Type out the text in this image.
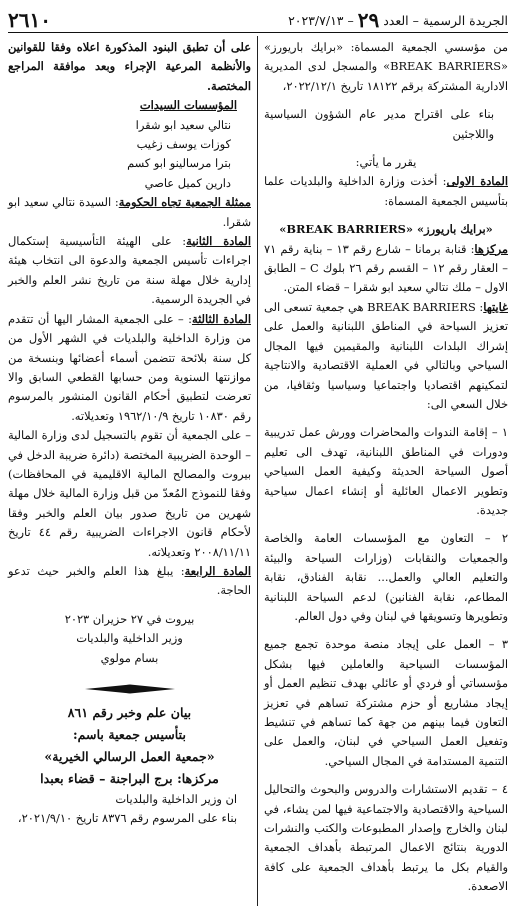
الجريدة الرسمية – العدد ٢٩ – ٢٠٢٣/٧/١٣
٢٦١٠

من مؤسسي الجمعية المسماة: «برايك باريورز» «BREAK BARRIERS» والمسجل لدى المديرية الادارية المشتركة برقم ١٨١٢٢ تاريخ ٢٠٢٢/١٢/١،

بناء على اقتراح مدير عام الشؤون السياسية واللاجئين

يقرر ما يأتي:

المادة الاولى: أخذت وزارة الداخلية والبلديات علما بتأسيس الجمعية المسماة:

«برايك باريورز» «BREAK BARRIERS»

مركزها: قنابة برمانا – شارع رقم ١٣ – بناية رقم ٧١ – العقار رقم ١٢ – القسم رقم ٢٦ بلوك C – الطابق الاول – ملك نتالي سعيد ابو شقرا – قضاء المتن.

غايتها: BREAK BARRIERS هي جمعية تسعى الى تعزيز السياحة في المناطق اللبنانية والعمل على إشراك البلدات اللبنانية والمقيمين فيها المجال السياحي وبالتالي في العملية الاقتصادية والانتاجية لتمكينهم اقتصاديا واجتماعيا وسياسيا وثقافيا، من خلال السعي الى:

١ – إقامة الندوات والمحاضرات وورش عمل تدريبية ودورات في المناطق اللبنانية، تهدف الى تعليم أصول السياحة الحديثة وكيفية العمل السياحي وتطوير الاعمال العائلية أو إنشاء اعمال سياحية جديدة.

٢ – التعاون مع المؤسسات العامة والخاصة والجمعيات والنقابات (وزارات السياحة والبيئة والتعليم العالي والعمل... نقابة الفنادق، نقابة المطاعم، نقابة الفنانين) لدعم السياحة اللبنانية وتطويرها وتسويقها في لبنان وفي دول العالم.

٣ – العمل على إيجاد منصة موحدة تجمع جميع المؤسسات السياحية والعاملين فيها بشكل مؤسساتي أو فردي أو عائلي بهدف تنظيم العمل أو إيجاد مشاريع أو حزم مشتركة تساهم في تعزيز التعاون فيما بينهم من جهة كما تساهم في تنشيط وتفعيل العمل السياحي في لبنان، والعمل على التنمية المستدامة في المجال السياحي.

٤ – تقديم الاستشارات والدروس والبحوث والتحاليل السياحية والاقتصادية والاجتماعية فيها لمن يشاء، في لبنان والخارج وإصدار المطبوعات والكتب والنشرات الدورية بنتائج الاعمال المرتبطة بأهداف الجمعية والقيام بكل ما يرتبط بأهداف الجمعية على كافة الاصعدة.

على أن تطبق البنود المذكورة اعلاه وفقا للقوانين والأنظمة المرعية الإجراء وبعد موافقة المراجع المختصة.

المؤسسات السيدات

نتالي سعيد ابو شقرا
كوزات يوسف زغيب
بترا مرسالينو ابو كسم
دارين كميل عاصي

ممثلة الجمعية تجاه الحكومة: السيدة نتالي سعيد ابو شقرا.

المادة الثانية: على الهيئة التأسيسية إستكمال اجراءات تأسيس الجمعية والدعوة الى انتخاب هيئة إدارية خلال مهلة سنة من تاريخ نشر العلم والخبر في الجريدة الرسمية.

المادة الثالثة: – على الجمعية المشار اليها أن تتقدم من وزارة الداخلية والبلديات في الشهر الأول من كل سنة بلائحة تتضمن أسماء أعضائها وبنسخة من موازنتها السنوية ومن حسابها القطعي السابق والا تعرضت لتطبيق أحكام القانون المنشور بالمرسوم رقم ١٠٨٣٠ تاريخ ١٩٦٢/١٠/٩ وتعديلاته.

– على الجمعية أن تقوم بالتسجيل لدى وزارة المالية – الوحدة الضريبية المختصة (دائرة ضريبة الدخل في بيروت والمصالح المالية الاقليمية في المحافظات) وفقا للنموذج المُعدّ من قبل وزارة المالية خلال مهلة شهرين من تاريخ صدور بيان العلم والخبر وفقا لأحكام قانون الاجراءات الضريبية رقم ٤٤ تاريخ ٢٠٠٨/١١/١١ وتعديلاته.

المادة الرابعة: يبلغ هذا العلم والخبر حيث تدعو الحاجة.

بيروت في ٢٧ حزيران ٢٠٢٣

وزير الداخلية والبلديات

بسام مولوي

بيان علم وخبر رقم ٨٦١

بتأسيس جمعية باسم:

«جمعية العمل الرسالي الخيرية»

مركزها: برج البراجنة – قضاء بعبدا

ان وزير الداخلية والبلديات

بناء على المرسوم رقم ٨٣٧٦ تاريخ ٢٠٢١/٩/١٠،
